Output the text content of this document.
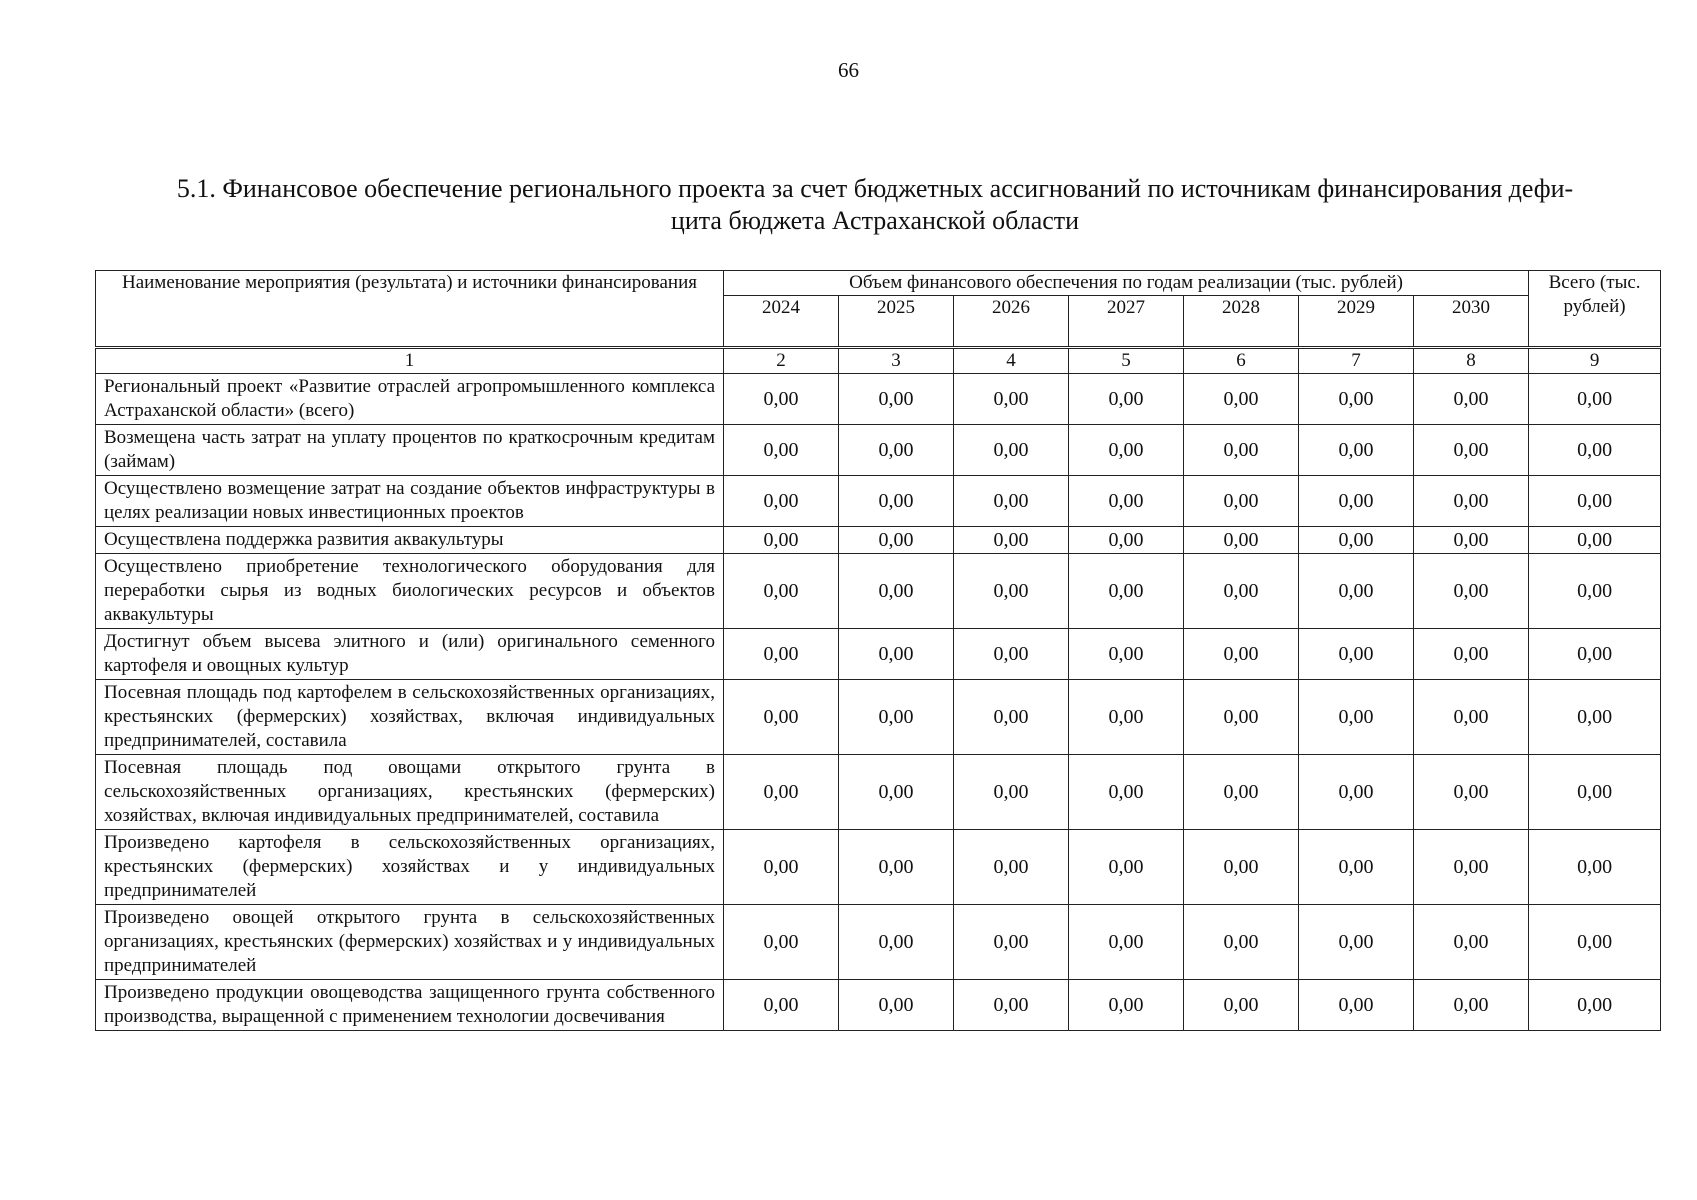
66
5.1. Финансовое обеспечение регионального проекта за счет бюджетных ассигнований по источникам финансирования дефи-
цита бюджета Астраханской области
Наименование мероприятия (результата) и источники финансирования	Объем финансового обеспечения по годам реализации (тыс. рублей)							Всего (тыс. рублей)
	2024	2025	2026	2027	2028	2029	2030	
1	2	3	4	5	6	7	8	9
Региональный проект «Развитие отраслей агропромышленного комплекса Астраханской области» (всего)	0,00	0,00	0,00	0,00	0,00	0,00	0,00	0,00
Возмещена часть затрат на уплату процентов по краткосрочным кредитам (займам)	0,00	0,00	0,00	0,00	0,00	0,00	0,00	0,00
Осуществлено возмещение затрат на создание объектов инфраструктуры в целях реализации новых инвестиционных проектов	0,00	0,00	0,00	0,00	0,00	0,00	0,00	0,00
Осуществлена поддержка развития аквакультуры	0,00	0,00	0,00	0,00	0,00	0,00	0,00	0,00
Осуществлено приобретение технологического оборудования для переработки сырья из водных биологических ресурсов и объектов аквакультуры	0,00	0,00	0,00	0,00	0,00	0,00	0,00	0,00
Достигнут объем высева элитного и (или) оригинального семенного картофеля и овощных культур	0,00	0,00	0,00	0,00	0,00	0,00	0,00	0,00
Посевная площадь под картофелем в сельскохозяйственных организациях, крестьянских (фермерских) хозяйствах, включая индивидуальных предпринимателей, составила	0,00	0,00	0,00	0,00	0,00	0,00	0,00	0,00
Посевная площадь под овощами открытого грунта в сельскохозяйственных организациях, крестьянских (фермерских) хозяйствах, включая индивидуальных предпринимателей, составила	0,00	0,00	0,00	0,00	0,00	0,00	0,00	0,00
Произведено картофеля в сельскохозяйственных организациях, крестьянских (фермерских) хозяйствах и у индивидуальных предпринимателей	0,00	0,00	0,00	0,00	0,00	0,00	0,00	0,00
Произведено овощей открытого грунта в сельскохозяйственных организациях, крестьянских (фермерских) хозяйствах и у индивидуальных предпринимателей	0,00	0,00	0,00	0,00	0,00	0,00	0,00	0,00
Произведено продукции овощеводства защищенного грунта собственного производства, выращенной с применением технологии досвечивания	0,00	0,00	0,00	0,00	0,00	0,00	0,00	0,00
